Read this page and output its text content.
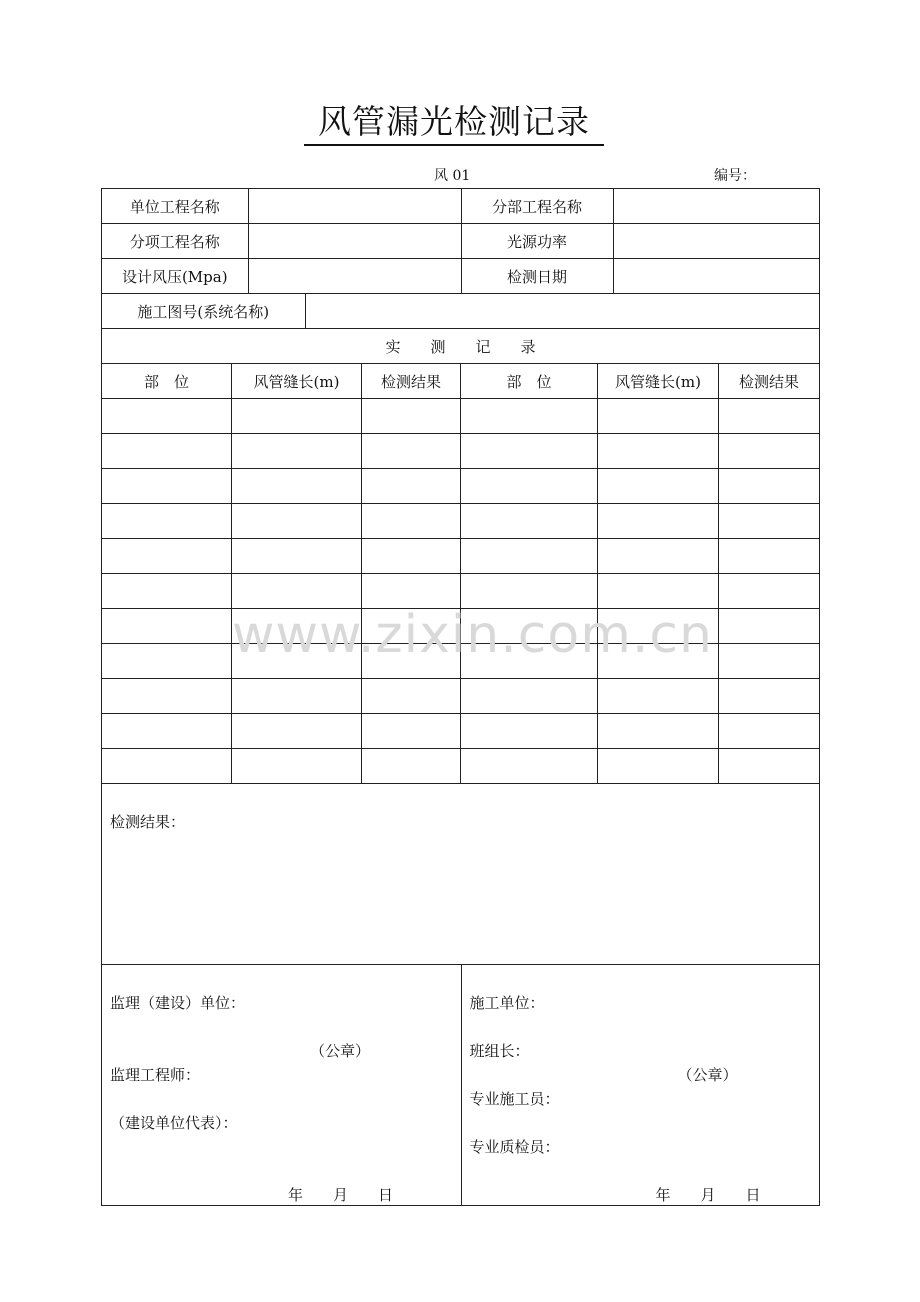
风管漏光检测记录
风 01	编号：
单位工程名称		分部工程名称	

分项工程名称		光源功率	

设计风压(Mpa)		检测日期	

施工图号(系统名称)	

实　　测　　记　　录
部　位	风管缝长(m)	检测结果	部　位	风管缝长(m)	检测结果

检测结果：

监理（建设）单位：
（公章）
监理工程师：
（建设单位代表）：
年　　月　　日

施工单位：
班组长：
（公章）
专业施工员：
专业质检员：
年　　月　　日
www.zixin.com.cn
